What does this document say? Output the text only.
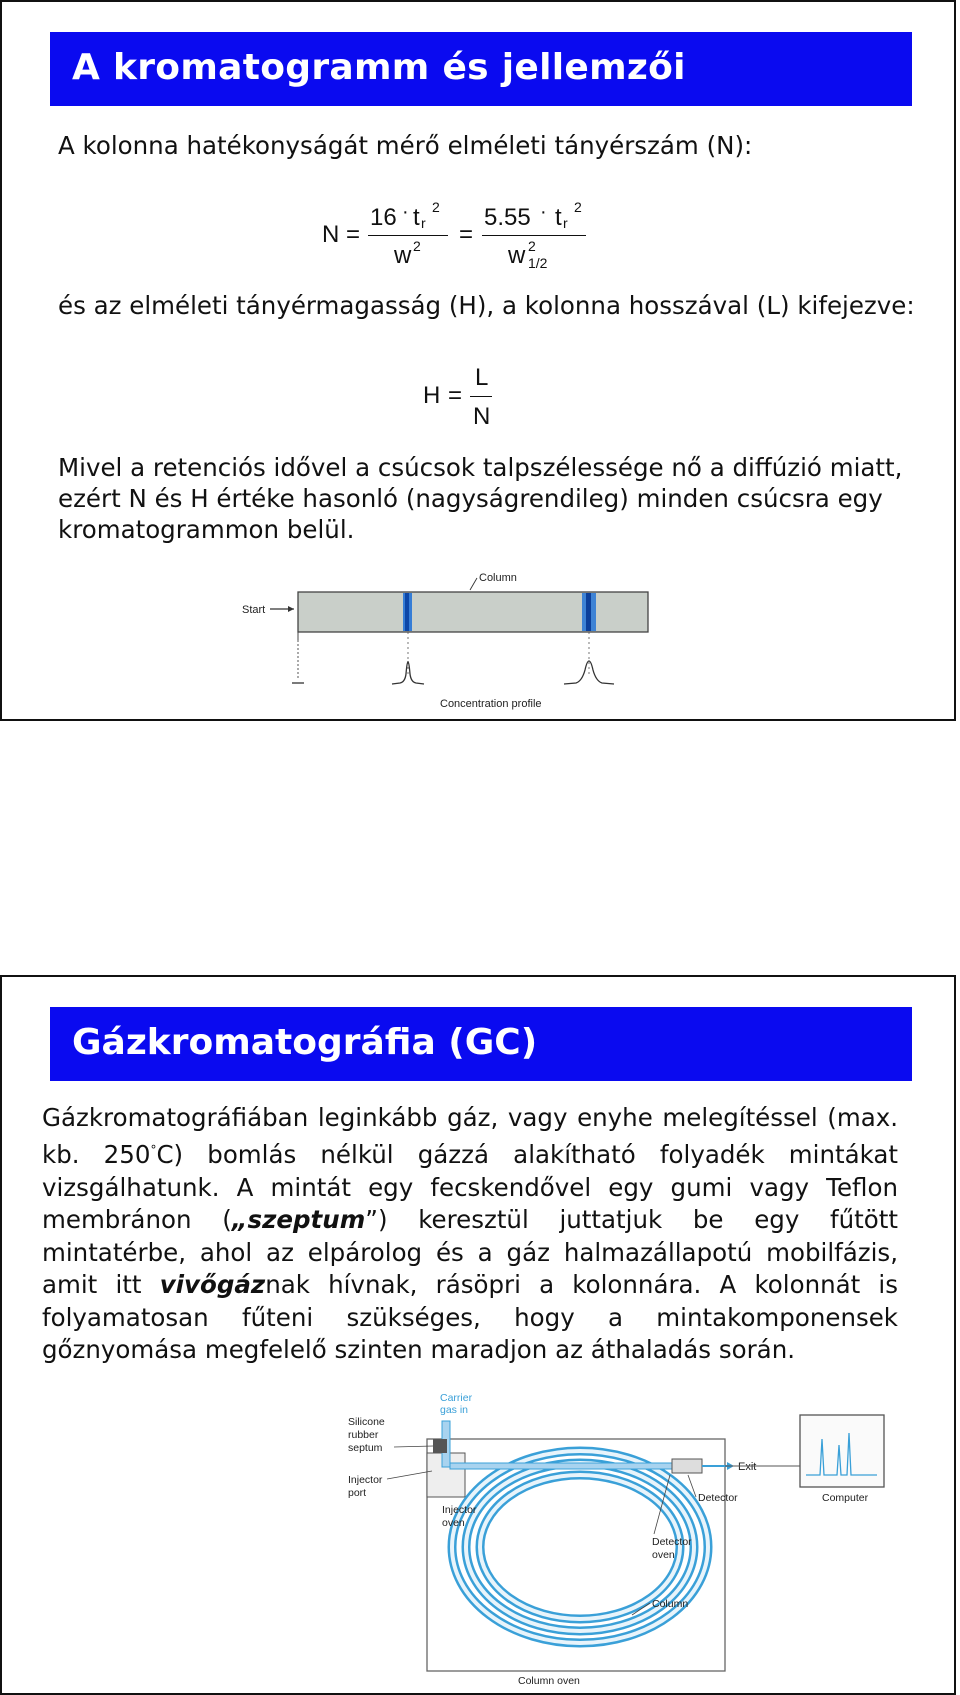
A kromatogramm és jellemzői
A kolonna hatékonyságát mérő elméleti tányérszám (N):
N =
16 · t r
2
w 2 =
5.55 · t r
2
w 2
1/2
és az elméleti tányérmagasság (H), a kolonna hosszával (L) kifejezve:
H =
L
N
Mivel a retenciós idővel a csúcsok talpszélessége nő a diffúzió miatt, ezért N és H értéke hasonló (nagyságrendileg) minden csúcsra egy kromatogrammon belül.
Start
Column
Concentration profile
Gázkromatográfia (GC)
Gázkromatográfiában leginkább gáz, vagy enyhe melegítéssel (max. kb. 250°C) bomlás nélkül gázzá alakítható folyadék mintákat vizsgálhatunk. A mintát egy fecskendővel egy gumi vagy Teflon membránon („szeptum”) keresztül juttatjuk be egy fűtött mintatérbe, ahol az elpárolog és a gáz halmazállapotú mobilfázis, amit itt vivőgáznak hívnak, rásöpri a kolonnára. A kolonnát is folyamatosan fűteni szükséges, hogy a mintakomponensek gőznyomása megfelelő szinten maradjon az áthaladás során.
Exit
Computer
Carrier
gas in
Silicone
rubber
septum
Injector
port
Injector
oven
Detector
Detector
oven
Column
Column oven
